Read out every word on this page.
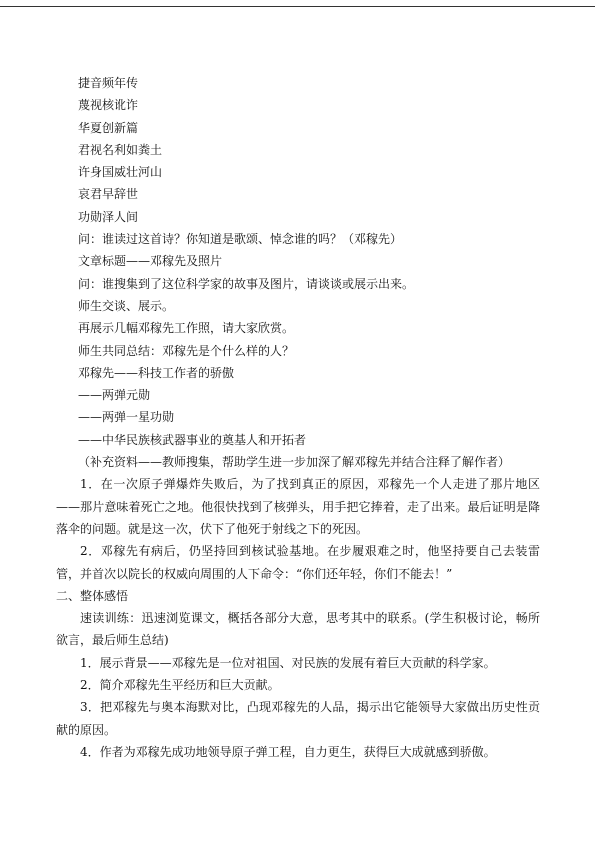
捷音频年传

蔑视核讹诈

华夏创新篇

君视名利如粪土

许身国威壮河山

哀君早辞世

功勋泽人间

问：谁读过这首诗？你知道是歌颂、悼念谁的吗？（邓稼先）

文章标题——邓稼先及照片

问：谁搜集到了这位科学家的故事及图片，请谈谈或展示出来。

师生交谈、展示。

再展示几幅邓稼先工作照，请大家欣赏。

师生共同总结：邓稼先是个什么样的人？

邓稼先——科技工作者的骄傲

——两弹元勋

——两弹一星功勋

——中华民族核武器事业的奠基人和开拓者

（补充资料——教师搜集，帮助学生进一步加深了解邓稼先并结合注释了解作者）

1．在一次原子弹爆炸失败后，为了找到真正的原因，邓稼先一个人走进了那片地区——那片意味着死亡之地。他很快找到了核弹头，用手把它捧着，走了出来。最后证明是降落伞的问题。就是这一次，伏下了他死于射线之下的死因。

2．邓稼先有病后，仍坚持回到核试验基地。在步履艰难之时，他坚持要自己去装雷管，并首次以院长的权威向周围的人下命令：“你们还年轻，你们不能去！”

二、整体感悟

速读训练：迅速浏览课文，概括各部分大意，思考其中的联系。(学生积极讨论，畅所欲言，最后师生总结)

1．展示背景——邓稼先是一位对祖国、对民族的发展有着巨大贡献的科学家。

2．简介邓稼先生平经历和巨大贡献。

3．把邓稼先与奥本海默对比，凸现邓稼先的人品，揭示出它能领导大家做出历史性贡献的原因。

4．作者为邓稼先成功地领导原子弹工程，自力更生，获得巨大成就感到骄傲。
